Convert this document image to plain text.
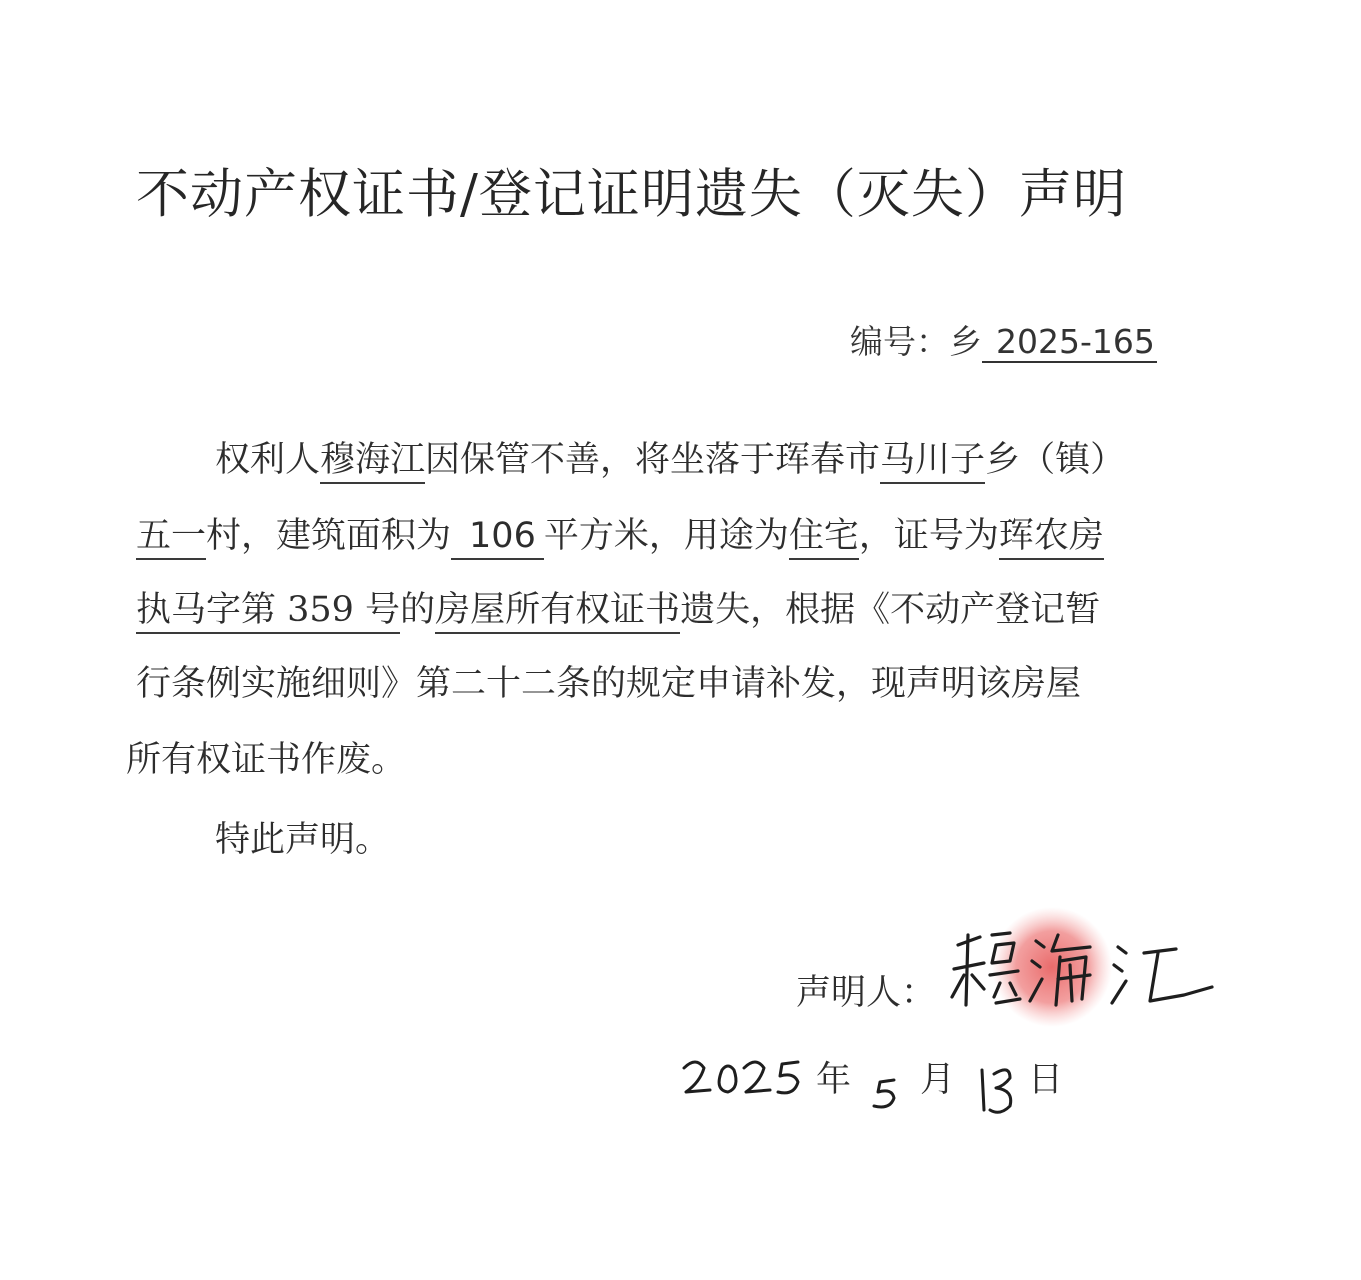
不动产权证书/登记证明遗失（灭失）声明
编号：乡 2025-165
权利人穆海江因保管不善，将坐落于珲春市马川子乡（镇）
五一村，建筑面积为 106 平方米，用途为住宅，证号为珲农房
执马字第 359 号的房屋所有权证书遗失，根据《不动产登记暂
行条例实施细则》第二十二条的规定申请补发，现声明该房屋
所有权证书作废。
特此声明。
声明人：
年 月 日
